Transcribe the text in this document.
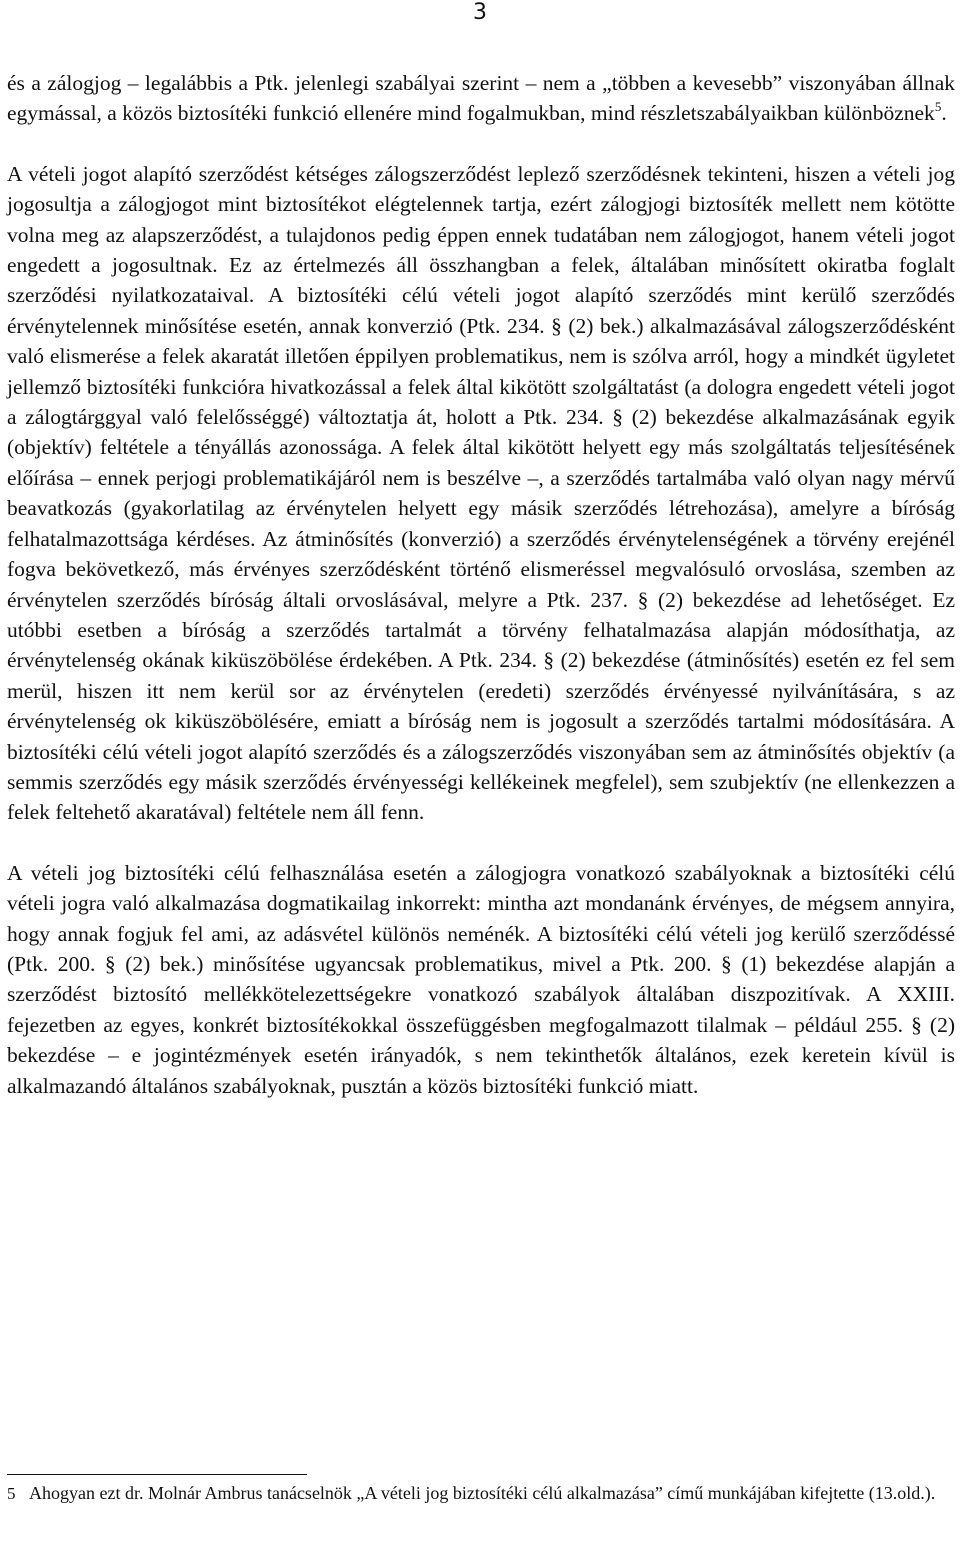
3

és a zálogjog – legalábbis a Ptk. jelenlegi szabályai szerint – nem a „többen a kevesebb” viszonyában állnak egymással, a közös biztosítéki funkció ellenére mind fogalmukban, mind részletszabályaikban különböznek$^5$.

A vételi jogot alapító szerződést kétséges zálogszerződést leplező szerződésnek tekinteni, hiszen a vételi jog jogosultja a zálogjogot mint biztosítékot elégtelennek tartja, ezért zálogjogi biztosíték mellett nem kötötte volna meg az alapszerződést, a tulajdonos pedig éppen ennek tudatában nem zálogjogot, hanem vételi jogot engedett a jogosultnak. Ez az értelmezés áll összhangban a felek, általában minősített okiratba foglalt szerződési nyilatkozataival. A biztosítéki célú vételi jogot alapító szerződés mint kerülő szerződés érvénytelennek minősítése esetén, annak konverzió (Ptk. 234. § (2) bek.) alkalmazásával zálogszerződésként való elismerése a felek akaratát illetően éppilyen problematikus, nem is szólva arról, hogy a mindkét ügyletet jellemző biztosítéki funkcióra hivatkozással a felek által kikötött szolgáltatást (a dologra engedett vételi jogot a zálogtárggyal való felelősséggé) változtatja át, holott a Ptk. 234. § (2) bekezdése alkalmazásának egyik (objektív) feltétele a tényállás azonossága. A felek által kikötött helyett egy más szolgáltatás teljesítésének előírása – ennek perjogi problematikájáról nem is beszélve –, a szerződés tartalmába való olyan nagy mérvű beavatkozás (gyakorlatilag az érvénytelen helyett egy másik szerződés létrehozása), amelyre a bíróság felhatalmazottsága kérdéses. Az átminősítés (konverzió) a szerződés érvénytelenségének a törvény erejénél fogva bekövetkező, más érvényes szerződésként történő elismeréssel megvalósuló orvoslása, szemben az érvénytelen szerződés bíróság általi orvoslásával, melyre a Ptk. 237. § (2) bekezdése ad lehetőséget. Ez utóbbi esetben a bíróság a szerződés tartalmát a törvény felhatalmazása alapján módosíthatja, az érvénytelenség okának kiküszöbölése érdekében. A Ptk. 234. § (2) bekezdése (átminősítés) esetén ez fel sem merül, hiszen itt nem kerül sor az érvénytelen (eredeti) szerződés érvényessé nyilvánítására, s az érvénytelenség ok kiküszöbölésére, emiatt a bíróság nem is jogosult a szerződés tartalmi módosítására. A biztosítéki célú vételi jogot alapító szerződés és a zálogszerződés viszonyában sem az átminősítés objektív (a semmis szerződés egy másik szerződés érvényességi kellékeinek megfelel), sem szubjektív (ne ellenkezzen a felek feltehető akaratával) feltétele nem áll fenn.

A vételi jog biztosítéki célú felhasználása esetén a zálogjogra vonatkozó szabályoknak a biztosítéki célú vételi jogra való alkalmazása dogmatikailag inkorrekt: mintha azt mondanánk érvényes, de mégsem annyira, hogy annak fogjuk fel ami, az adásvétel különös neménék. A biztosítéki célú vételi jog kerülő szerződéssé (Ptk. 200. § (2) bek.) minősítése ugyancsak problematikus, mivel a Ptk. 200. § (1) bekezdése alapján a szerződést biztosító mellékkötelezettségekre vonatkozó szabályok általában diszpozitívak. A XXIII. fejezetben az egyes, konkrét biztosítékokkal összefüggésben megfogalmazott tilalmak – például 255. § (2) bekezdése – e jogintézmények esetén irányadók, s nem tekinthetők általános, ezek keretein kívül is alkalmazandó általános szabályoknak, pusztán a közös biztosítéki funkció miatt.

5 Ahogyan ezt dr. Molnár Ambrus tanácselnök „A vételi jog biztosítéki célú alkalmazása” című munkájában kifejtette (13.old.).
